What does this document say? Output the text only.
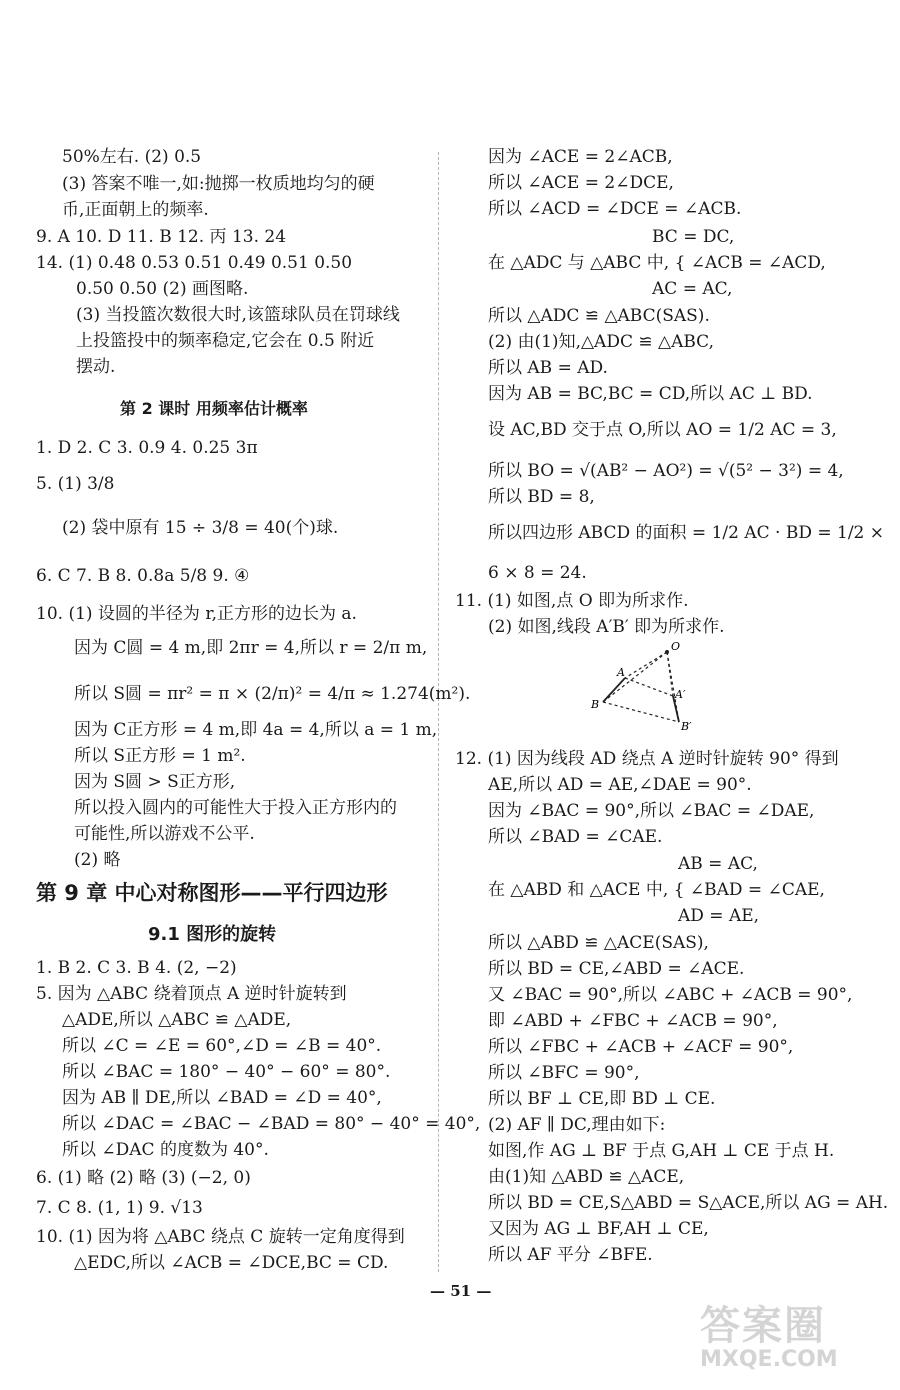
50%左右. (2) 0.5
(3) 答案不唯一,如:抛掷一枚质地均匀的硬
币,正面朝上的频率.
9. A 10. D 11. B 12. 丙 13. 24
14. (1) 0.48 0.53 0.51 0.49 0.51 0.50
0.50 0.50 (2) 画图略.
(3) 当投篮次数很大时,该篮球队员在罚球线
上投篮投中的频率稳定,它会在 0.5 附近
摆动.
第 2 课时 用频率估计概率
1. D 2. C 3. 0.9 4. 0.25 3π
5. (1) 3/8
(2) 袋中原有 15 ÷ 3/8 = 40(个)球.
6. C 7. B 8. 0.8a 5/8 9. ④
10. (1) 设圆的半径为 r,正方形的边长为 a.
因为 C圆 = 4 m,即 2πr = 4,所以 r = 2/π m,
所以 S圆 = πr² = π × (2/π)² = 4/π ≈ 1.274(m²).
因为 C正方形 = 4 m,即 4a = 4,所以 a = 1 m,
所以 S正方形 = 1 m².
因为 S圆 > S正方形,
所以投入圆内的可能性大于投入正方形内的
可能性,所以游戏不公平.
(2) 略
第 9 章 中心对称图形——平行四边形
9.1 图形的旋转
1. B 2. C 3. B 4. (2, −2)
5. 因为 △ABC 绕着顶点 A 逆时针旋转到
△ADE,所以 △ABC ≌ △ADE,
所以 ∠C = ∠E = 60°,∠D = ∠B = 40°.
所以 ∠BAC = 180° − 40° − 60° = 80°.
因为 AB ∥ DE,所以 ∠BAD = ∠D = 40°,
所以 ∠DAC = ∠BAC − ∠BAD = 80° − 40° = 40°,
所以 ∠DAC 的度数为 40°.
6. (1) 略 (2) 略 (3) (−2, 0)
7. C 8. (1, 1) 9. √13
10. (1) 因为将 △ABC 绕点 C 旋转一定角度得到
△EDC,所以 ∠ACB = ∠DCE,BC = CD.
因为 ∠ACE = 2∠ACB,
所以 ∠ACE = 2∠DCE,
所以 ∠ACD = ∠DCE = ∠ACB.
BC = DC,
在 △ADC 与 △ABC 中, { ∠ACB = ∠ACD,
AC = AC,
所以 △ADC ≌ △ABC(SAS).
(2) 由(1)知,△ADC ≌ △ABC,
所以 AB = AD.
因为 AB = BC,BC = CD,所以 AC ⊥ BD.
设 AC,BD 交于点 O,所以 AO = 1/2 AC = 3,
所以 BO = √(AB² − AO²) = √(5² − 3²) = 4,
所以 BD = 8,
所以四边形 ABCD 的面积 = 1/2 AC · BD = 1/2 ×
6 × 8 = 24.
11. (1) 如图,点 O 即为所求作.
(2) 如图,线段 A′B′ 即为所求作.
12. (1) 因为线段 AD 绕点 A 逆时针旋转 90° 得到
AE,所以 AD = AE,∠DAE = 90°.
因为 ∠BAC = 90°,所以 ∠BAC = ∠DAE,
所以 ∠BAD = ∠CAE.
AB = AC,
在 △ABD 和 △ACE 中, { ∠BAD = ∠CAE,
AD = AE,
所以 △ABD ≌ △ACE(SAS),
所以 BD = CE,∠ABD = ∠ACE.
又 ∠BAC = 90°,所以 ∠ABC + ∠ACB = 90°,
即 ∠ABD + ∠FBC + ∠ACB = 90°,
所以 ∠FBC + ∠ACB + ∠ACF = 90°,
所以 ∠BFC = 90°,
所以 BF ⊥ CE,即 BD ⊥ CE.
(2) AF ∥ DC,理由如下:
如图,作 AG ⊥ BF 于点 G,AH ⊥ CE 于点 H.
由(1)知 △ABD ≌ △ACE,
所以 BD = CE,S△ABD = S△ACE,所以 AG = AH.
又因为 AG ⊥ BF,AH ⊥ CE,
所以 AF 平分 ∠BFE.
O
A
B
A′
B′
— 51 —
答案圈
MXQE.COM
